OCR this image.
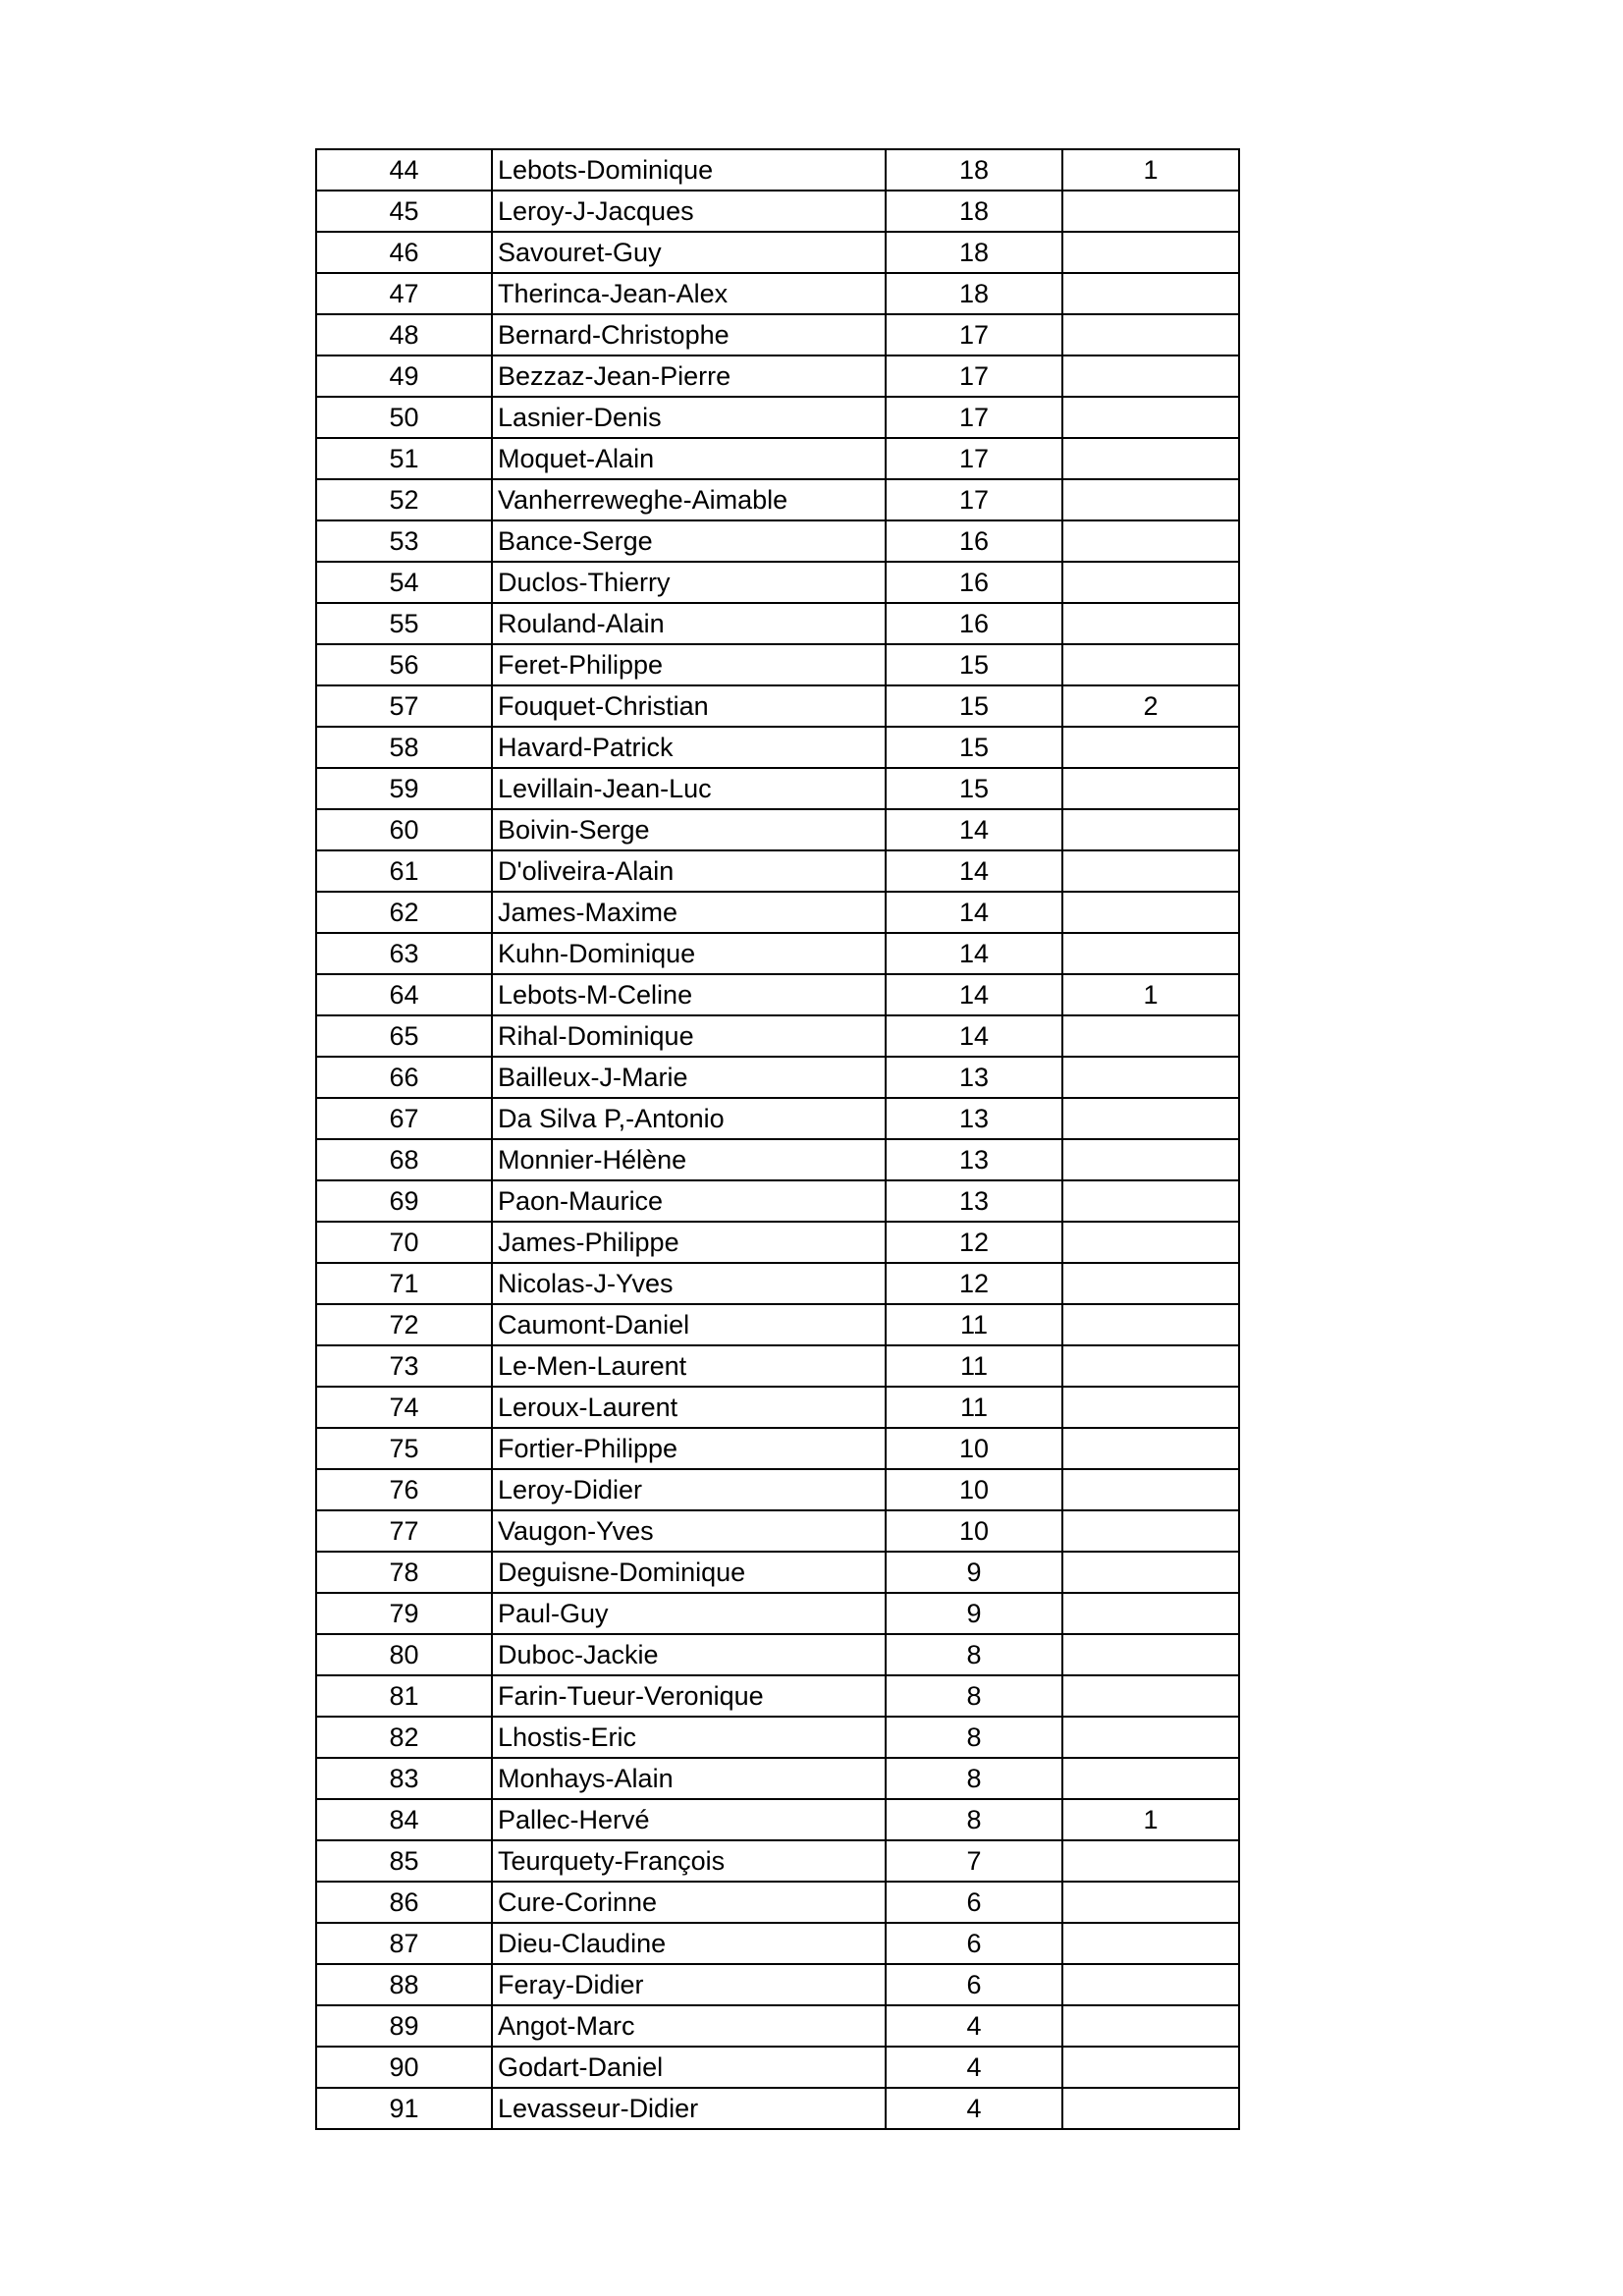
44	Lebots-Dominique	18	1
45	Leroy-J-Jacques	18	
46	Savouret-Guy	18	
47	Therinca-Jean-Alex	18	
48	Bernard-Christophe	17	
49	Bezzaz-Jean-Pierre	17	
50	Lasnier-Denis	17	
51	Moquet-Alain	17	
52	Vanherreweghe-Aimable	17	
53	Bance-Serge	16	
54	Duclos-Thierry	16	
55	Rouland-Alain	16	
56	Feret-Philippe	15	
57	Fouquet-Christian	15	2
58	Havard-Patrick	15	
59	Levillain-Jean-Luc	15	
60	Boivin-Serge	14	
61	D'oliveira-Alain	14	
62	James-Maxime	14	
63	Kuhn-Dominique	14	
64	Lebots-M-Celine	14	1
65	Rihal-Dominique	14	
66	Bailleux-J-Marie	13	
67	Da Silva P,-Antonio	13	
68	Monnier-Hélène	13	
69	Paon-Maurice	13	
70	James-Philippe	12	
71	Nicolas-J-Yves	12	
72	Caumont-Daniel	11	
73	Le-Men-Laurent	11	
74	Leroux-Laurent	11	
75	Fortier-Philippe	10	
76	Leroy-Didier	10	
77	Vaugon-Yves	10	
78	Deguisne-Dominique	9	
79	Paul-Guy	9	
80	Duboc-Jackie	8	
81	Farin-Tueur-Veronique	8	
82	Lhostis-Eric	8	
83	Monhays-Alain	8	
84	Pallec-Hervé	8	1
85	Teurquety-François	7	
86	Cure-Corinne	6	
87	Dieu-Claudine	6	
88	Feray-Didier	6	
89	Angot-Marc	4	
90	Godart-Daniel	4	
91	Levasseur-Didier	4	
